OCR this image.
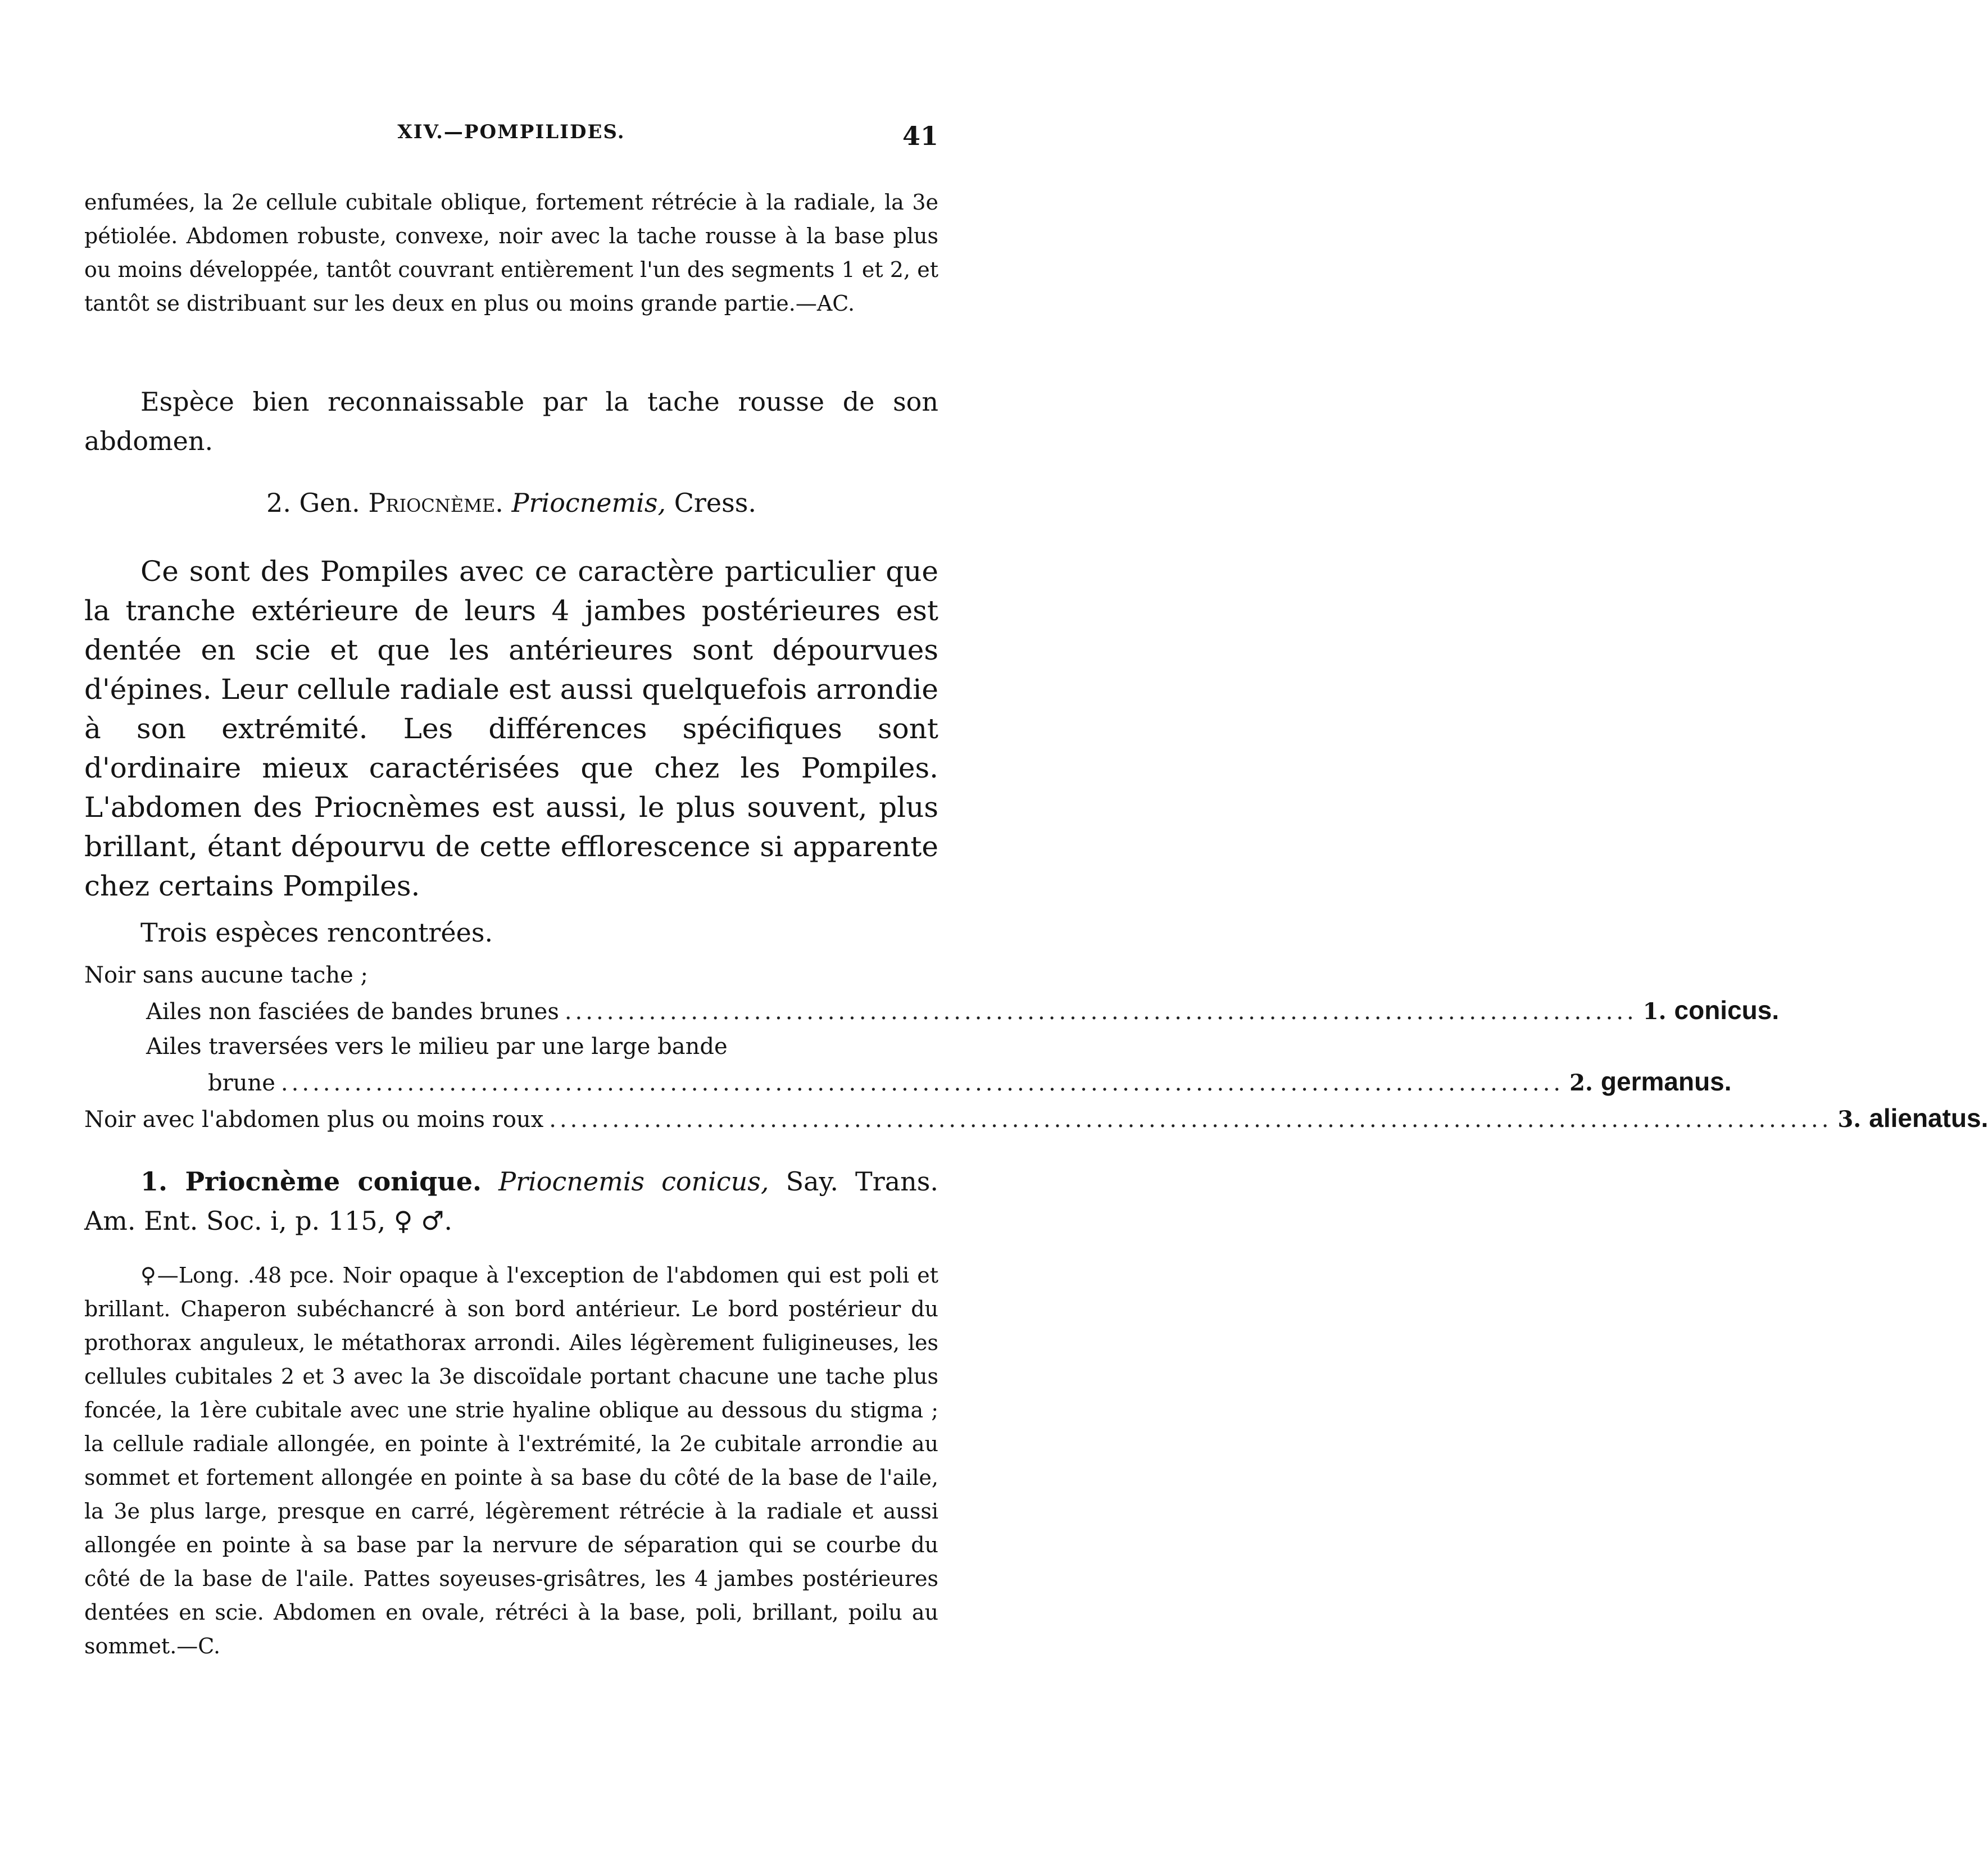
XIV.—POMPILIDES.	41

enfumées, la 2e cellule cubitale oblique, fortement rétrécie à la radiale, la 3e pétiolée. Abdomen robuste, convexe, noir avec la tache rousse à la base plus ou moins développée, tantôt couvrant entièrement l'un des segments 1 et 2, et tantôt se distribuant sur les deux en plus ou moins grande partie.—AC.

Espèce bien reconnaissable par la tache rousse de son abdomen.

2. Gen. Priocnème. Priocnemis, Cress.

Ce sont des Pompiles avec ce caractère particulier que la tranche extérieure de leurs 4 jambes postérieures est dentée en scie et que les antérieures sont dépourvues d'épines. Leur cellule radiale est aussi quelquefois arrondie à son extrémité. Les différences spécifiques sont d'ordinaire mieux caractérisées que chez les Pompiles. L'abdomen des Priocnèmes est aussi, le plus souvent, plus brillant, étant dépourvu de cette efflorescence si apparente chez certains Pompiles.

Trois espèces rencontrées.

Noir sans aucune tache ;
Ailes non fasciées de bandes brunes ...................................................................................................... 1. conicus.
Ailes traversées vers le milieu par une large bande
brune .......................................................................................................................... 2. germanus.
Noir avec l'abdomen plus ou moins roux .......................................................................................................................... 3. alienatus.
1. Priocnème conique. Priocnemis conicus, Say. Trans. Am. Ent. Soc. i, p. 115, ♀ ♂.

♀—Long. .48 pce. Noir opaque à l'exception de l'abdomen qui est poli et brillant. Chaperon subéchancré à son bord antérieur. Le bord postérieur du prothorax anguleux, le métathorax arrondi. Ailes légèrement fuligineuses, les cellules cubitales 2 et 3 avec la 3e discoïdale portant chacune une tache plus foncée, la 1ère cubitale avec une strie hyaline oblique au dessous du stigma ; la cellule radiale allongée, en pointe à l'extrémité, la 2e cubitale arrondie au sommet et fortement allongée en pointe à sa base du côté de la base de l'aile, la 3e plus large, presque en carré, légèrement rétrécie à la radiale et aussi allongée en pointe à sa base par la nervure de séparation qui se courbe du côté de la base de l'aile. Pattes soyeuses-grisâtres, les 4 jambes postérieures dentées en scie. Abdomen en ovale, rétréci à la base, poli, brillant, poilu au sommet.—C.
